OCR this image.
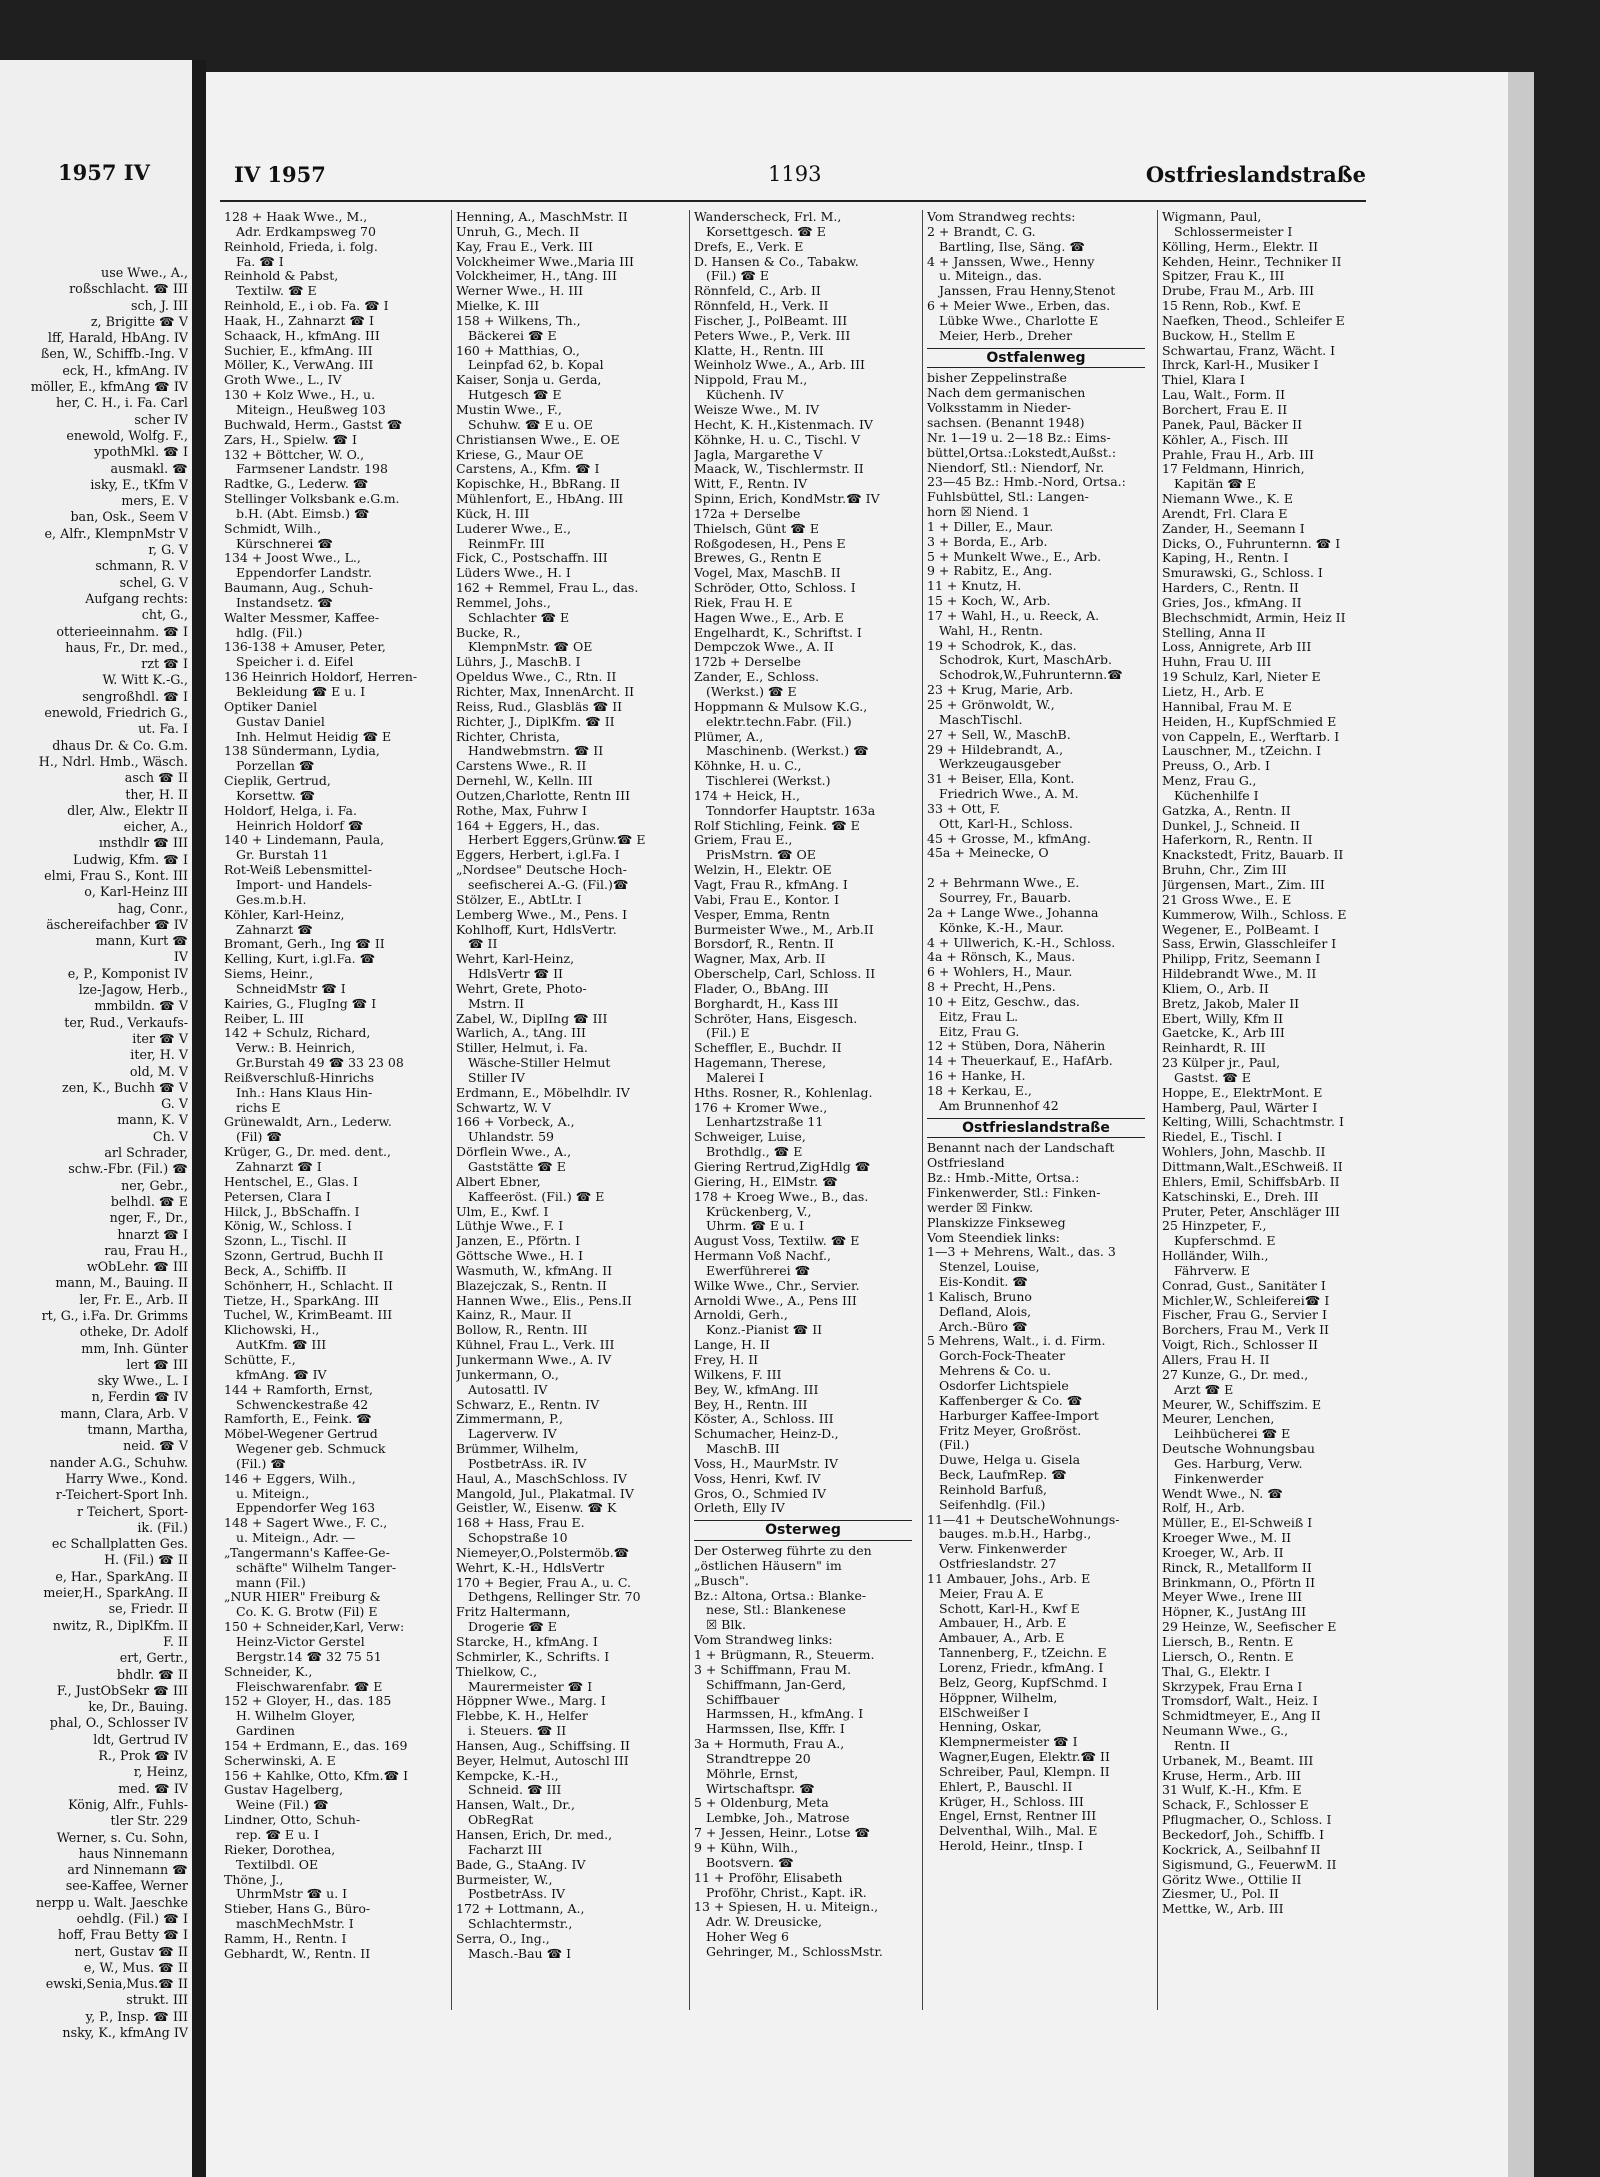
1957 IV
use Wwe., A.,
roßschlacht. ☎ III
sch, J. III
z, Brigitte ☎ V
lff, Harald, HbAng. IV
ßen, W., Schiffb.-Ing. V
eck, H., kfmAng. IV
möller, E., kfmAng ☎ IV
her, C. H., i. Fa. Carl
scher IV
enewold, Wolfg. F.,
ypothMkl. ☎ I
ausmakl. ☎
isky, E., tKfm V
mers, E. V
ban, Osk., Seem V
e, Alfr., KlempnMstr V
r, G. V
schmann, R. V
schel, G. V
Aufgang rechts:
cht, G.,
otterieeinnahm. ☎ I
haus, Fr., Dr. med.,
rzt ☎ I
W. Witt K.-G.,
sengroßhdl. ☎ I
enewold, Friedrich G.,
ut. Fa. I
dhaus Dr. & Co. G.m.
H., Ndrl. Hmb., Wäsch.
asch ☎ II
ther, H. II
dler, Alw., Elektr II
eicher, A.,
ınsthdlr ☎ III
Ludwig, Kfm. ☎ I
elmi, Frau S., Kont. III
o, Karl-Heinz III
hag, Conr.,
äschereifachber ☎ IV
mann, Kurt ☎
IV
e, P., Komponist IV
lze-Jagow, Herb.,
mmbildn. ☎ V
ter, Rud., Verkaufs-
iter ☎ V
iter, H. V
old, M. V
zen, K., Buchh ☎ V
G. V
mann, K. V
Ch. V
arl Schrader,
schw.-Fbr. (Fil.) ☎
ner, Gebr.,
belhdl. ☎ E
nger, F., Dr.,
hnarzt ☎ I
rau, Frau H.,
wObLehr. ☎ III
mann, M., Bauing. II
ler, Fr. E., Arb. II
rt, G., i.Fa. Dr. Grimms
otheke, Dr. Adolf
mm, Inh. Günter
lert ☎ III
sky Wwe., L. I
n, Ferdin ☎ IV
mann, Clara, Arb. V
tmann, Martha,
neid. ☎ V
nander A.G., Schuhw.
Harry Wwe., Kond.
r-Teichert-Sport Inh.
r Teichert, Sport-
ik. (Fil.)
ec Schallplatten Ges.
H. (Fil.) ☎ II
e, Har., SparkAng. II
meier,H., SparkAng. II
se, Friedr. II
nwitz, R., DiplKfm. II
F. II
ert, Gertr.,
bhdlr. ☎ II
F., JustObSekr ☎ III
ke, Dr., Bauing.
phal, O., Schlosser IV
ldt, Gertrud IV
R., Prok ☎ IV
r, Heinz,
med. ☎ IV
König, Alfr., Fuhls-
tler Str. 229
Werner, s. Cu. Sohn,
haus Ninnemann
ard Ninnemann ☎
see-Kaffee, Werner
nerpp u. Walt. Jaeschke
oehdlg. (Fil.) ☎ I
hoff, Frau Betty ☎ I
nert, Gustav ☎ II
e, W., Mus. ☎ II
ewski,Senia,Mus.☎ II
strukt. III
y, P., Insp. ☎ III
nsky, K., kfmAng IV
IV 1957	1193	Ostfrieslandstraße
128 + Haak Wwe., M.,
Adr. Erdkampsweg 70
Reinhold, Frieda, i. folg.
Fa. ☎ I
Reinhold & Pabst,
Textilw. ☎ E
Reinhold, E., i ob. Fa. ☎ I
Haak, H., Zahnarzt ☎ I
Schaack, H., kfmAng. III
Suchier, E., kfmAng. III
Möller, K., VerwAng. III
Groth Wwe., L., IV
130 + Kolz Wwe., H., u.
Miteign., Heußweg 103
Buchwald, Herm., Gastst ☎
Zars, H., Spielw. ☎ I
132 + Böttcher, W. O.,
Farmsener Landstr. 198
Radtke, G., Lederw. ☎
Stellinger Volksbank e.G.m.
b.H. (Abt. Eimsb.) ☎
Schmidt, Wilh.,
Kürschnerei ☎
134 + Joost Wwe., L.,
Eppendorfer Landstr.
Baumann, Aug., Schuh-
Instandsetz. ☎
Walter Messmer, Kaffee-
hdlg. (Fil.)
136-138 + Amuser, Peter,
Speicher i. d. Eifel
136 Heinrich Holdorf, Herren-
Bekleidung ☎ E u. I
Optiker Daniel
Gustav Daniel
Inh. Helmut Heidig ☎ E
138 Sündermann, Lydia,
Porzellan ☎
Cieplik, Gertrud,
Korsettw. ☎
Holdorf, Helga, i. Fa.
Heinrich Holdorf ☎
140 + Lindemann, Paula,
Gr. Burstah 11
Rot-Weiß Lebensmittel-
Import- und Handels-
Ges.m.b.H.
Köhler, Karl-Heinz,
Zahnarzt ☎
Bromant, Gerh., Ing ☎ II
Kelling, Kurt, i.gl.Fa. ☎
Siems, Heinr.,
SchneidMstr ☎ I
Kairies, G., FlugIng ☎ I
Reiber, L. III
142 + Schulz, Richard,
Verw.: B. Heinrich,
Gr.Burstah 49 ☎ 33 23 08
Reißverschluß-Hinrichs
Inh.: Hans Klaus Hin-
richs E
Grünewaldt, Arn., Lederw.
(Fil) ☎
Krüger, G., Dr. med. dent.,
Zahnarzt ☎ I
Hentschel, E., Glas. I
Petersen, Clara I
Hilck, J., BbSchaffn. I
König, W., Schloss. I
Szonn, L., Tischl. II
Szonn, Gertrud, Buchh II
Beck, A., Schiffb. II
Schönherr, H., Schlacht. II
Tietze, H., SparkAng. III
Tuchel, W., KrimBeamt. III
Klichowski, H.,
AutKfm. ☎ III
Schütte, F.,
kfmAng. ☎ IV
144 + Ramforth, Ernst,
Schwenckestraße 42
Ramforth, E., Feink. ☎
Möbel-Wegener Gertrud
Wegener geb. Schmuck
(Fil.) ☎
146 + Eggers, Wilh.,
u. Miteign.,
Eppendorfer Weg 163
148 + Sagert Wwe., F. C.,
u. Miteign., Adr. —
„Tangermann's Kaffee-Ge-
schäfte" Wilhelm Tanger-
mann (Fil.)
„NUR HIER" Freiburg &
Co. K. G. Brotw (Fil) E
150 + Schneider,Karl, Verw:
Heinz-Victor Gerstel
Bergstr.14 ☎ 32 75 51
Schneider, K.,
Fleischwarenfabr. ☎ E
152 + Gloyer, H., das. 185
H. Wilhelm Gloyer,
Gardinen
154 + Erdmann, E., das. 169
Scherwinski, A. E
156 + Kahlke, Otto, Kfm.☎ I
Gustav Hagelberg,
Weine (Fil.) ☎
Lindner, Otto, Schuh-
rep. ☎ E u. I
Rieker, Dorothea,
Textilbdl. OE
Thöne, J.,
UhrmMstr ☎ u. I
Stieber, Hans G., Büro-
maschMechMstr. I
Ramm, H., Rentn. I
Gebhardt, W., Rentn. II
Henning, A., MaschMstr. II
Unruh, G., Mech. II
Kay, Frau E., Verk. III
Volckheimer Wwe.,Maria III
Volckheimer, H., tAng. III
Werner Wwe., H. III
Mielke, K. III
158 + Wilkens, Th.,
Bäckerei ☎ E
160 + Matthias, O.,
Leinpfad 62, b. Kopal
Kaiser, Sonja u. Gerda,
Hutgesch ☎ E
Mustin Wwe., F.,
Schuhw. ☎ E u. OE
Christiansen Wwe., E. OE
Kriese, G., Maur OE
Carstens, A., Kfm. ☎ I
Kopischke, H., BbRang. II
Mühlenfort, E., HbAng. III
Kück, H. III
Luderer Wwe., E.,
ReinmFr. III
Fick, C., Postschaffn. III
Lüders Wwe., H. I
162 + Remmel, Frau L., das.
Remmel, Johs.,
Schlachter ☎ E
Bucke, R.,
KlempnMstr. ☎ OE
Lührs, J., MaschB. I
Opeldus Wwe., C., Rtn. II
Richter, Max, InnenArcht. II
Reiss, Rud., Glasbläs ☎ II
Richter, J., DiplKfm. ☎ II
Richter, Christa,
Handwebmstrn. ☎ II
Carstens Wwe., R. II
Dernehl, W., Kelln. III
Outzen,Charlotte, Rentn III
Rothe, Max, Fuhrw I
164 + Eggers, H., das.
Herbert Eggers,Grünw.☎ E
Eggers, Herbert, i.gl.Fa. I
„Nordsee" Deutsche Hoch-
seefischerei A.-G. (Fil.)☎
Stölzer, E., AbtLtr. I
Lemberg Wwe., M., Pens. I
Kohlhoff, Kurt, HdlsVertr.
☎ II
Wehrt, Karl-Heinz,
HdlsVertr ☎ II
Wehrt, Grete, Photo-
Mstrn. II
Zabel, W., DiplIng ☎ III
Warlich, A., tAng. III
Stiller, Helmut, i. Fa.
Wäsche-Stiller Helmut
Stiller IV
Erdmann, E., Möbelhdlr. IV
Schwartz, W. V
166 + Vorbeck, A.,
Uhlandstr. 59
Dörflein Wwe., A.,
Gaststätte ☎ E
Albert Ebner,
Kaffeeröst. (Fil.) ☎ E
Ulm, E., Kwf. I
Lüthje Wwe., F. I
Janzen, E., Pförtn. I
Göttsche Wwe., H. I
Wasmuth, W., kfmAng. II
Blazejczak, S., Rentn. II
Hannen Wwe., Elis., Pens.II
Kainz, R., Maur. II
Bollow, R., Rentn. III
Kühnel, Frau L., Verk. III
Junkermann Wwe., A. IV
Junkermann, O.,
Autosattl. IV
Schwarz, E., Rentn. IV
Zimmermann, P.,
Lagerverw. IV
Brümmer, Wilhelm,
PostbetrAss. iR. IV
Haul, A., MaschSchloss. IV
Mangold, Jul., Plakatmal. IV
Geistler, W., Eisenw. ☎ K
168 + Hass, Frau E.
Schopstraße 10
Niemeyer,O.,Polstermöb.☎
Wehrt, K.-H., HdlsVertr
170 + Begier, Frau A., u. C.
Dethgens, Rellinger Str. 70
Fritz Haltermann,
Drogerie ☎ E
Starcke, H., kfmAng. I
Schmirler, K., Schrifts. I
Thielkow, C.,
Maurermeister ☎ I
Höppner Wwe., Marg. I
Flebbe, K. H., Helfer
i. Steuers. ☎ II
Hansen, Aug., Schiffsing. II
Beyer, Helmut, Autoschl III
Kempcke, K.-H.,
Schneid. ☎ III
Hansen, Walt., Dr.,
ObRegRat
Hansen, Erich, Dr. med.,
Facharzt III
Bade, G., StaAng. IV
Burmeister, W.,
PostbetrAss. IV
172 + Lottmann, A.,
Schlachtermstr.,
Serra, O., Ing.,
Masch.-Bau ☎ I
Wanderscheck, Frl. M.,
Korsettgesch. ☎ E
Drefs, E., Verk. E
D. Hansen & Co., Tabakw.
(Fil.) ☎ E
Rönnfeld, C., Arb. II
Rönnfeld, H., Verk. II
Fischer, J., PolBeamt. III
Peters Wwe., P., Verk. III
Klatte, H., Rentn. III
Weinholz Wwe., A., Arb. III
Nippold, Frau M.,
Küchenh. IV
Weisze Wwe., M. IV
Hecht, K. H.,Kistenmach. IV
Köhnke, H. u. C., Tischl. V
Jagla, Margarethe V
Maack, W., Tischlermstr. II
Witt, F., Rentn. IV
Spinn, Erich, KondMstr.☎ IV
172a + Derselbe
Thielsch, Günt ☎ E
Roßgodesen, H., Pens E
Brewes, G., Rentn E
Vogel, Max, MaschB. II
Schröder, Otto, Schloss. I
Riek, Frau H. E
Hagen Wwe., E., Arb. E
Engelhardt, K., Schriftst. I
Dempczok Wwe., A. II
172b + Derselbe
Zander, E., Schloss.
(Werkst.) ☎ E
Hoppmann & Mulsow K.G.,
elektr.techn.Fabr. (Fil.)
Plümer, A.,
Maschinenb. (Werkst.) ☎
Köhnke, H. u. C.,
Tischlerei (Werkst.)
174 + Heick, H.,
Tonndorfer Hauptstr. 163a
Rolf Stichling, Feink. ☎ E
Griem, Frau E.,
PrisMstrn. ☎ OE
Welzin, H., Elektr. OE
Vagt, Frau R., kfmAng. I
Vabi, Frau E., Kontor. I
Vesper, Emma, Rentn
Burmeister Wwe., M., Arb.II
Borsdorf, R., Rentn. II
Wagner, Max, Arb. II
Oberschelp, Carl, Schloss. II
Flader, O., BbAng. III
Borghardt, H., Kass III
Schröter, Hans, Eisgesch.
(Fil.) E
Scheffler, E., Buchdr. II
Hagemann, Therese,
Malerei I
Hths. Rosner, R., Kohlenlag.
176 + Kromer Wwe.,
Lenhartzstraße 11
Schweiger, Luise,
Brothdlg., ☎ E
Giering Rertrud,ZigHdlg ☎
Giering, H., ElMstr. ☎
178 + Kroeg Wwe., B., das.
Krückenberg, V.,
Uhrm. ☎ E u. I
August Voss, Textilw. ☎ E
Hermann Voß Nachf.,
Ewerführerei ☎
Wilke Wwe., Chr., Servier.
Arnoldi Wwe., A., Pens III
Arnoldi, Gerh.,
Konz.-Pianist ☎ II
Lange, H. II
Frey, H. II
Wilkens, F. III
Bey, W., kfmAng. III
Bey, H., Rentn. III
Köster, A., Schloss. III
Schumacher, Heinz-D.,
MaschB. III
Voss, H., MaurMstr. IV
Voss, Henri, Kwf. IV
Gros, O., Schmied IV
Orleth, Elly IV
Osterweg
Der Osterweg führte zu den
„östlichen Häusern" im
„Busch".
Bz.: Altona, Ortsa.: Blanke-
nese, Stl.: Blankenese
☒ Blk.
Vom Strandweg links:
1 + Brügmann, R., Steuerm.
3 + Schiffmann, Frau M.
Schiffmann, Jan-Gerd,
Schiffbauer
Harmssen, H., kfmAng. I
Harmssen, Ilse, Kffr. I
3a + Hormuth, Frau A.,
Strandtreppe 20
Möhrle, Ernst,
Wirtschaftspr. ☎
5 + Oldenburg, Meta
Lembke, Joh., Matrose
7 + Jessen, Heinr., Lotse ☎
9 + Kühn, Wilh.,
Bootsvern. ☎
11 + Proföhr, Elisabeth
Proföhr, Christ., Kapt. iR.
13 + Spiesen, H. u. Miteign.,
Adr. W. Dreusicke,
Hoher Weg 6
Gehringer, M., SchlossMstr.
Vom Strandweg rechts:
2 + Brandt, C. G.
Bartling, Ilse, Säng. ☎
4 + Janssen, Wwe., Henny
u. Miteign., das.
Janssen, Frau Henny,Stenot
6 + Meier Wwe., Erben, das.
Lübke Wwe., Charlotte E
Meier, Herb., Dreher
Ostfalenweg
bisher Zeppelinstraße
Nach dem germanischen
Volksstamm in Nieder-
sachsen. (Benannt 1948)
Nr. 1—19 u. 2—18 Bz.: Eims-
büttel,Ortsa.:Lokstedt,Außst.:
Niendorf, Stl.: Niendorf, Nr.
23—45 Bz.: Hmb.-Nord, Ortsa.:
Fuhlsbüttel, Stl.: Langen-
horn ☒ Niend. 1
1 + Diller, E., Maur.
3 + Borda, E., Arb.
5 + Munkelt Wwe., E., Arb.
9 + Rabitz, E., Ang.
11 + Knutz, H.
15 + Koch, W., Arb.
17 + Wahl, H., u. Reeck, A.
Wahl, H., Rentn.
19 + Schodrok, K., das.
Schodrok, Kurt, MaschArb.
Schodrok,W.,Fuhrunternn.☎
23 + Krug, Marie, Arb.
25 + Grönwoldt, W.,
MaschTischl.
27 + Sell, W., MaschB.
29 + Hildebrandt, A.,
Werkzeugausgeber
31 + Beiser, Ella, Kont.
Friedrich Wwe., A. M.
33 + Ott, F.
Ott, Karl-H., Schloss.
45 + Grosse, M., kfmAng.
45a + Meinecke, O
2 + Behrmann Wwe., E.
Sourrey, Fr., Bauarb.
2a + Lange Wwe., Johanna
Könke, K.-H., Maur.
4 + Ullwerich, K.-H., Schloss.
4a + Rönsch, K., Maus.
6 + Wohlers, H., Maur.
8 + Precht, H.,Pens.
10 + Eitz, Geschw., das.
Eitz, Frau L.
Eitz, Frau G.
12 + Stüben, Dora, Näherin
14 + Theuerkauf, E., HafArb.
16 + Hanke, H.
18 + Kerkau, E.,
Am Brunnenhof 42
Ostfrieslandstraße
Benannt nach der Landschaft
Ostfriesland
Bz.: Hmb.-Mitte, Ortsa.:
Finkenwerder, Stl.: Finken-
werder ☒ Finkw.
Planskizze Finkseweg
Vom Steendiek links:
1—3 + Mehrens, Walt., das. 3
Stenzel, Louise,
Eis-Kondit. ☎
1 Kalisch, Bruno
Defland, Alois,
Arch.-Büro ☎
5 Mehrens, Walt., i. d. Firm.
Gorch-Fock-Theater
Mehrens & Co. u.
Osdorfer Lichtspiele
Kaffenberger & Co. ☎
Harburger Kaffee-Import
Fritz Meyer, Großröst.
(Fil.)
Duwe, Helga u. Gisela
Beck, LaufmRep. ☎
Reinhold Barfuß,
Seifenhdlg. (Fil.)
11—41 + DeutscheWohnungs-
bauges. m.b.H., Harbg.,
Verw. Finkenwerder
Ostfrieslandstr. 27
11 Ambauer, Johs., Arb. E
Meier, Frau A. E
Schott, Karl-H., Kwf E
Ambauer, H., Arb. E
Ambauer, A., Arb. E
Tannenberg, F., tZeichn. E
Lorenz, Friedr., kfmAng. I
Belz, Georg, KupfSchmd. I
Höppner, Wilhelm,
ElSchweißer I
Henning, Oskar,
Klempnermeister ☎ I
Wagner,Eugen, Elektr.☎ II
Schreiber, Paul, Klempn. II
Ehlert, P., Bauschl. II
Krüger, H., Schloss. III
Engel, Ernst, Rentner III
Delventhal, Wilh., Mal. E
Herold, Heinr., tInsp. I
Wigmann, Paul,
Schlossermeister I
Kölling, Herm., Elektr. II
Kehden, Heinr., Techniker II
Spitzer, Frau K., III
Drube, Frau M., Arb. III
15 Renn, Rob., Kwf. E
Naefken, Theod., Schleifer E
Buckow, H., Stellm E
Schwartau, Franz, Wächt. I
Ihrck, Karl-H., Musiker I
Thiel, Klara I
Lau, Walt., Form. II
Borchert, Frau E. II
Panek, Paul, Bäcker II
Köhler, A., Fisch. III
Prahle, Frau H., Arb. III
17 Feldmann, Hinrich,
Kapitän ☎ E
Niemann Wwe., K. E
Arendt, Frl. Clara E
Zander, H., Seemann I
Dicks, O., Fuhrunternn. ☎ I
Kaping, H., Rentn. I
Smurawski, G., Schloss. I
Harders, C., Rentn. II
Gries, Jos., kfmAng. II
Blechschmidt, Armin, Heiz II
Stelling, Anna II
Loss, Annigrete, Arb III
Huhn, Frau U. III
19 Schulz, Karl, Nieter E
Lietz, H., Arb. E
Hannibal, Frau M. E
Heiden, H., KupfSchmied E
von Cappeln, E., Werftarb. I
Lauschner, M., tZeichn. I
Preuss, O., Arb. I
Menz, Frau G.,
Küchenhilfe I
Gatzka, A., Rentn. II
Dunkel, J., Schneid. II
Haferkorn, R., Rentn. II
Knackstedt, Fritz, Bauarb. II
Bruhn, Chr., Zim III
Jürgensen, Mart., Zim. III
21 Gross Wwe., E. E
Kummerow, Wilh., Schloss. E
Wegener, E., PolBeamt. I
Sass, Erwin, Glasschleifer I
Philipp, Fritz, Seemann I
Hildebrandt Wwe., M. II
Kliem, O., Arb. II
Bretz, Jakob, Maler II
Ebert, Willy, Kfm II
Gaetcke, K., Arb III
Reinhardt, R. III
23 Külper jr., Paul,
Gastst. ☎ E
Hoppe, E., ElektrMont. E
Hamberg, Paul, Wärter I
Kelting, Willi, Schachtmstr. I
Riedel, E., Tischl. I
Wohlers, John, Maschb. II
Dittmann,Walt.,ESchweiß. II
Ehlers, Emil, SchiffsbArb. II
Katschinski, E., Dreh. III
Pruter, Peter, Anschläger III
25 Hinzpeter, F.,
Kupferschmd. E
Holländer, Wilh.,
Fährverw. E
Conrad, Gust., Sanitäter I
Michler,W., Schleiferei☎ I
Fischer, Frau G., Servier I
Borchers, Frau M., Verk II
Voigt, Rich., Schlosser II
Allers, Frau H. II
27 Kunze, G., Dr. med.,
Arzt ☎ E
Meurer, W., Schiffszim. E
Meurer, Lenchen,
Leihbücherei ☎ E
Deutsche Wohnungsbau
Ges. Harburg, Verw.
Finkenwerder
Wendt Wwe., N. ☎
Rolf, H., Arb.
Müller, E., El-Schweiß I
Kroeger Wwe., M. II
Kroeger, W., Arb. II
Rinck, R., Metallform II
Brinkmann, O., Pförtn II
Meyer Wwe., Irene III
Höpner, K., JustAng III
29 Heinze, W., Seefischer E
Liersch, B., Rentn. E
Liersch, O., Rentn. E
Thal, G., Elektr. I
Skrzypek, Frau Erna I
Tromsdorf, Walt., Heiz. I
Schmidtmeyer, E., Ang II
Neumann Wwe., G.,
Rentn. II
Urbanek, M., Beamt. III
Kruse, Herm., Arb. III
31 Wulf, K.-H., Kfm. E
Schack, F., Schlosser E
Pflugmacher, O., Schloss. I
Beckedorf, Joh., Schiffb. I
Kockrick, A., Seilbahnf II
Sigismund, G., FeuerwM. II
Göritz Wwe., Ottilie II
Ziesmer, U., Pol. II
Mettke, W., Arb. III
